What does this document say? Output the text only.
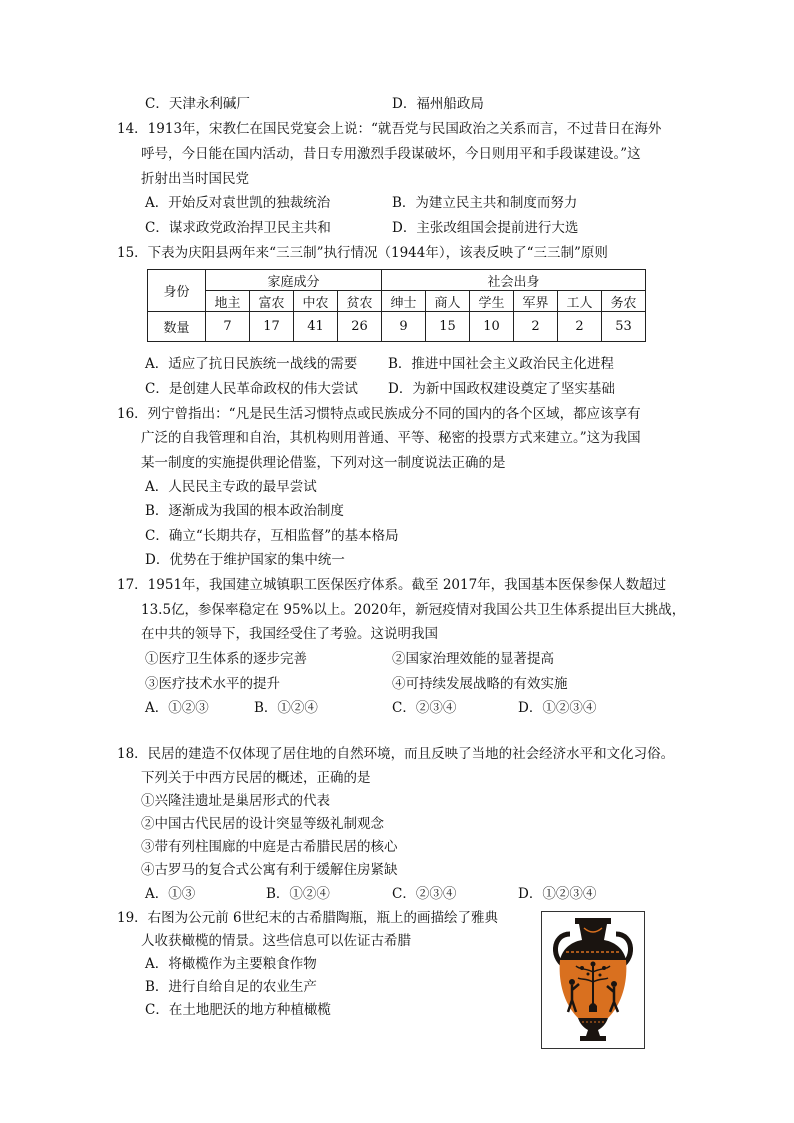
C．天津永利碱厂	D．福州船政局
14．1913年，宋教仁在国民党宴会上说：“就吾党与民国政治之关系而言，不过昔日在海外
呼号，今日能在国内活动，昔日专用激烈手段谋破坏，今日则用平和手段谋建设。”这
折射出当时国民党
A．开始反对袁世凯的独裁统治	B．为建立民主共和制度而努力
C．谋求政党政治捍卫民主共和	D．主张改组国会提前进行大选
15．下表为庆阳县两年来“三三制”执行情况（1944年），该表反映了“三三制”原则
身份	家庭成分				社会出身					
	地主	富农	中农	贫农	绅士	商人	学生	军界	工人	务农
数量	7	17	41	26	9	15	10	2	2	53
A．适应了抗日民族统一战线的需要 B．推进中国社会主义政治民主化进程
C．是创建人民革命政权的伟大尝试 D．为新中国政权建设奠定了坚实基础
16．列宁曾指出：“凡是民生活习惯特点或民族成分不同的国内的各个区域，都应该享有
广泛的自我管理和自治，其机构则用普通、平等、秘密的投票方式来建立。”这为我国
某一制度的实施提供理论借鉴，下列对这一制度说法正确的是
A．人民民主专政的最早尝试
B．逐渐成为我国的根本政治制度
C．确立“长期共存，互相监督”的基本格局
D．优势在于维护国家的集中统一
17．1951年，我国建立城镇职工医保医疗体系。截至 2017年，我国基本医保参保人数超过
13.5亿，参保率稳定在 95%以上。2020年，新冠疫情对我国公共卫生体系提出巨大挑战，
在中共的领导下，我国经受住了考验。这说明我国
①医疗卫生体系的逐步完善	②国家治理效能的显著提高
③医疗技术水平的提升	④可持续发展战略的有效实施
A．①②③	B．①②④	C．②③④	D．①②③④
18．民居的建造不仅体现了居住地的自然环境，而且反映了当地的社会经济水平和文化习俗。
下列关于中西方民居的概述，正确的是
①兴隆洼遗址是巢居形式的代表
②中国古代民居的设计突显等级礼制观念
③带有列柱围廊的中庭是古希腊民居的核心
④古罗马的复合式公寓有利于缓解住房紧缺
A．①③	B．①②④	C．②③④	D．①②③④
19．右图为公元前 6世纪末的古希腊陶瓶，瓶上的画描绘了雅典
人收获橄榄的情景。这些信息可以佐证古希腊
A．将橄榄作为主要粮食作物
B．进行自给自足的农业生产
C．在土地肥沃的地方种植橄榄
